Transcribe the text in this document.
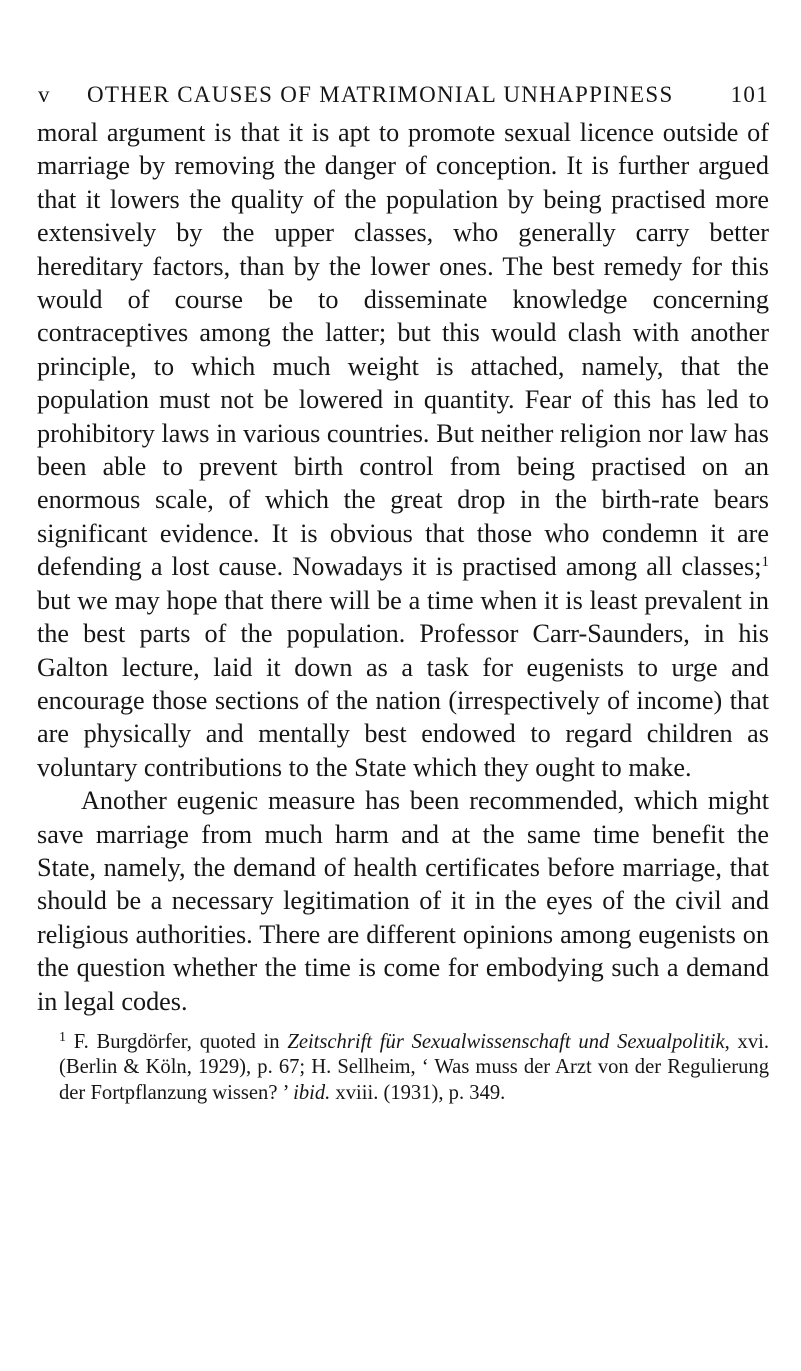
v	OTHER CAUSES OF MATRIMONIAL UNHAPPINESS	101

moral argument is that it is apt to promote sexual licence outside of marriage by removing the danger of conception. It is further argued that it lowers the quality of the population by being practised more extensively by the upper classes, who generally carry better hereditary factors, than by the lower ones. The best remedy for this would of course be to disseminate knowledge concerning contraceptives among the latter; but this would clash with another principle, to which much weight is attached, namely, that the population must not be lowered in quantity. Fear of this has led to prohibitory laws in various countries. But neither religion nor law has been able to prevent birth control from being practised on an enormous scale, of which the great drop in the birth-rate bears significant evidence. It is obvious that those who condemn it are defending a lost cause. Nowadays it is practised among all classes;$^1$ but we may hope that there will be a time when it is least prevalent in the best parts of the population. Professor Carr-Saunders, in his Galton lecture, laid it down as a task for eugenists to urge and encourage those sections of the nation (irrespectively of income) that are physically and mentally best endowed to regard children as voluntary contributions to the State which they ought to make.

Another eugenic measure has been recommended, which might save marriage from much harm and at the same time benefit the State, namely, the demand of health certificates before marriage, that should be a necessary legitimation of it in the eyes of the civil and religious authorities. There are different opinions among eugenists on the question whether the time is come for embodying such a demand in legal codes.

$^1$ F. Burgdörfer, quoted in Zeitschrift für Sexualwissenschaft und Sexualpolitik, xvi. (Berlin & Köln, 1929), p. 67; H. Sellheim, ‘ Was muss der Arzt von der Regulierung der Fortpflanzung wissen? ’ ibid. xviii. (1931), p. 349.
